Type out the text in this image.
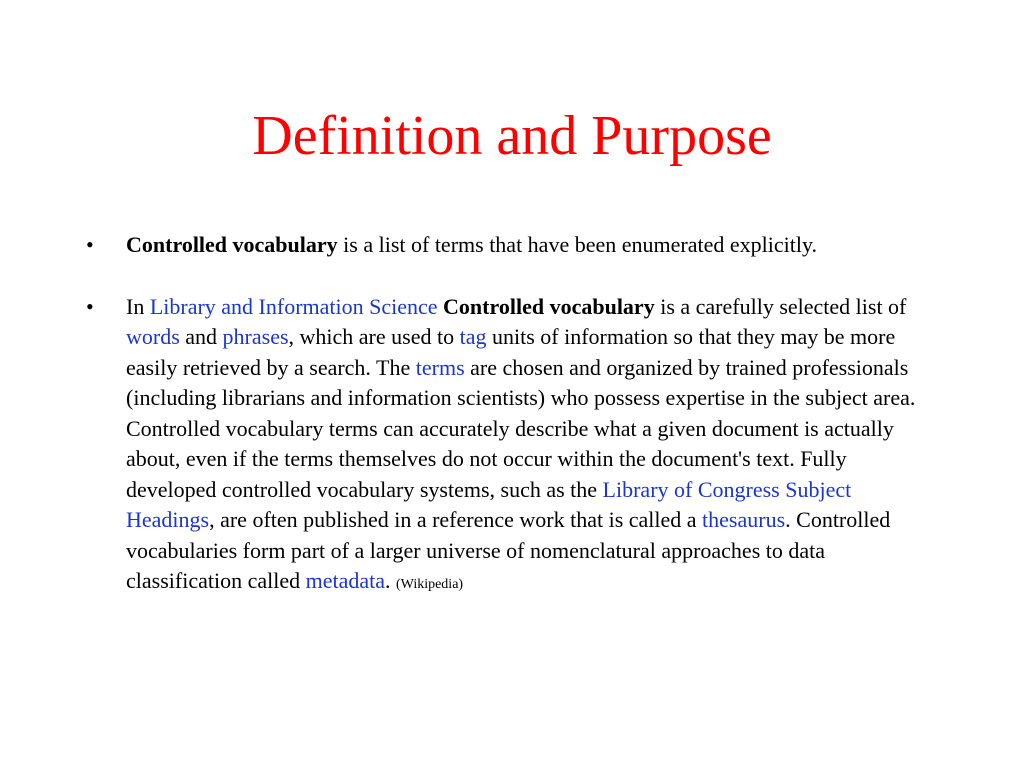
Definition and Purpose
• Controlled vocabulary is a list of terms that have been enumerated explicitly.
• In Library and Information Science Controlled vocabulary is a carefully selected list of words and phrases, which are used to tag units of information so that they may be more easily retrieved by a search. The terms are chosen and organized by trained professionals (including librarians and information scientists) who possess expertise in the subject area. Controlled vocabulary terms can accurately describe what a given document is actually about, even if the terms themselves do not occur within the document's text. Fully developed controlled vocabulary systems, such as the Library of Congress Subject Headings, are often published in a reference work that is called a thesaurus. Controlled vocabularies form part of a larger universe of nomenclatural approaches to data classification called metadata. (Wikipedia)
